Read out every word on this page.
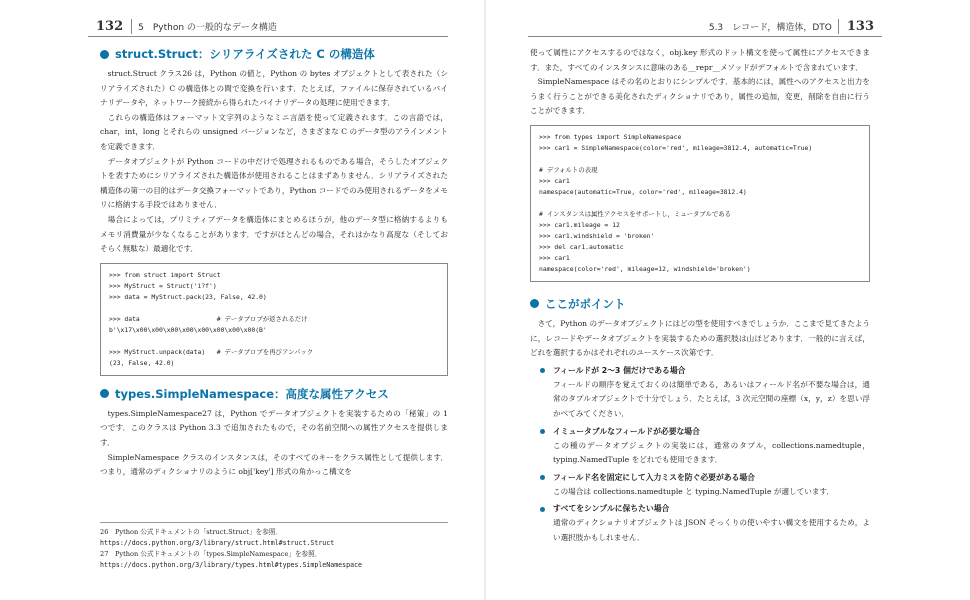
132	5　Python の一般的なデータ構造
struct.Struct：シリアライズされた C の構造体

struct.Struct クラス26 は，Python の値と，Python の bytes オブジェクトとして表された（シリアライズされた）C の構造体との間で変換を行います．たとえば，ファイルに保存されているバイナリデータや，ネットワーク接続から得られたバイナリデータの処理に使用できます．

これらの構造体はフォーマット文字列のようなミニ言語を使って定義されます．この言語では，char，int，long とそれらの unsigned バージョンなど，さまざまな C のデータ型のアラインメントを定義できます．

データオブジェクトが Python コードの中だけで処理されるものである場合，そうしたオブジェクトを表すためにシリアライズされた構造体が使用されることはまずありません．シリアライズされた構造体の第一の目的はデータ交換フォーマットであり，Python コードでのみ使用されるデータをメモリに格納する手段ではありません．

場合によっては，プリミティブデータを構造体にまとめるほうが，他のデータ型に格納するよりもメモリ消費量が少なくなることがあります．ですがほとんどの場合，それはかなり高度な（そしておそらく無駄な）最適化です．

>>> from struct import Struct
>>> MyStruct = Struct('i?f')
>>> data = MyStruct.pack(23, False, 42.0)

>>> data                    # データブロブが返されるだけ
b'\x17\x00\x00\x00\x00\x00\x00\x00\x00(B'

>>> MyStruct.unpack(data)   # データブロブを再びアンパック
(23, False, 42.0)
types.SimpleNamespace：高度な属性アクセス

types.SimpleNamespace27 は，Python でデータオブジェクトを実装するための「秘策」の 1 つです．このクラスは Python 3.3 で追加されたもので，その名前空間への属性アクセスを提供します．

SimpleNamespace クラスのインスタンスは，そのすべてのキーをクラス属性として提供します．つまり，通常のディクショナリのように obj['key'] 形式の角かっこ構文を

26　Python 公式ドキュメントの「struct.Struct」を参照．
https://docs.python.org/3/library/struct.html#struct.Struct
27　Python 公式ドキュメントの「types.SimpleNamespace」を参照．
https://docs.python.org/3/library/types.html#types.SimpleNamespace
5.3　レコード，構造体，DTO	133

使って属性にアクセスするのではなく，obj.key 形式のドット構文を使って属性にアクセスできます．また，すべてのインスタンスに意味のある__repr__メソッドがデフォルトで含まれています．

SimpleNamespace はその名のとおりにシンプルです．基本的には，属性へのアクセスと出力をうまく行うことができる美化されたディクショナリであり，属性の追加，変更，削除を自由に行うことができます．

>>> from types import SimpleNamespace
>>> car1 = SimpleNamespace(color='red', mileage=3812.4, automatic=True)

# デフォルトの表現
>>> car1
namespace(automatic=True, color='red', mileage=3812.4)

# インスタンスは属性アクセスをサポートし，ミュータブルである
>>> car1.mileage = 12
>>> car1.windshield = 'broken'
>>> del car1.automatic
>>> car1
namespace(color='red', mileage=12, windshield='broken')
ここがポイント

さて，Python のデータオブジェクトにはどの型を使用すべきでしょうか．ここまで見てきたように，レコードやデータオブジェクトを実装するための選択肢は山ほどあります．一般的に言えば，どれを選択するかはそれぞれのユースケース次第です．

フィールドが 2〜3 個だけである場合
フィールドの順序を覚えておくのは簡単である，あるいはフィールド名が不要な場合は，通常のタプルオブジェクトで十分でしょう．たとえば，3 次元空間の座標（x，y，z）を思い浮かべてみてください．
イミュータブルなフィールドが必要な場合
この種のデータオブジェクトの実装には，通常のタプル，collections.namedtuple，typing.NamedTuple をどれでも使用できます．
フィールド名を固定にして入力ミスを防ぐ必要がある場合
この場合は collections.namedtuple と typing.NamedTuple が適しています．
すべてをシンプルに保ちたい場合
通常のディクショナリオブジェクトは JSON そっくりの使いやすい構文を使用するため，よい選択肢かもしれません．
